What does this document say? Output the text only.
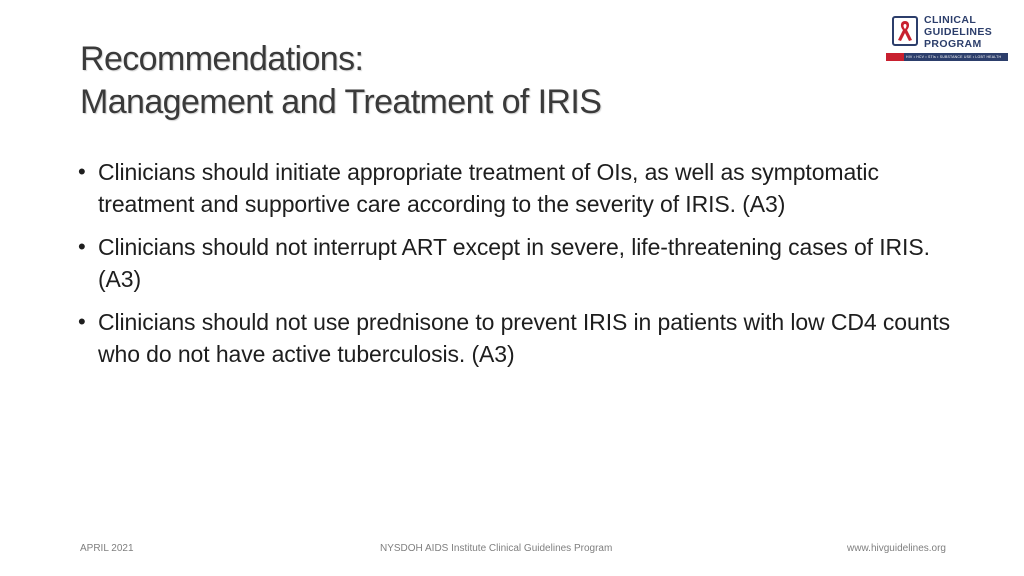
CLINICAL
GUIDELINES
PROGRAM
HIV • HCV • STIs • SUBSTANCE USE • LGBT HEALTH
Recommendations:
Management and Treatment of IRIS
• Clinicians should initiate appropriate treatment of OIs, as well as symptomatic treatment and supportive care according to the severity of IRIS. (A3)
• Clinicians should not interrupt ART except in severe, life-threatening cases of IRIS. (A3)
• Clinicians should not use prednisone to prevent IRIS in patients with low CD4 counts who do not have active tuberculosis. (A3)
APRIL 2021	NYSDOH AIDS Institute Clinical Guidelines Program	www.hivguidelines.org
